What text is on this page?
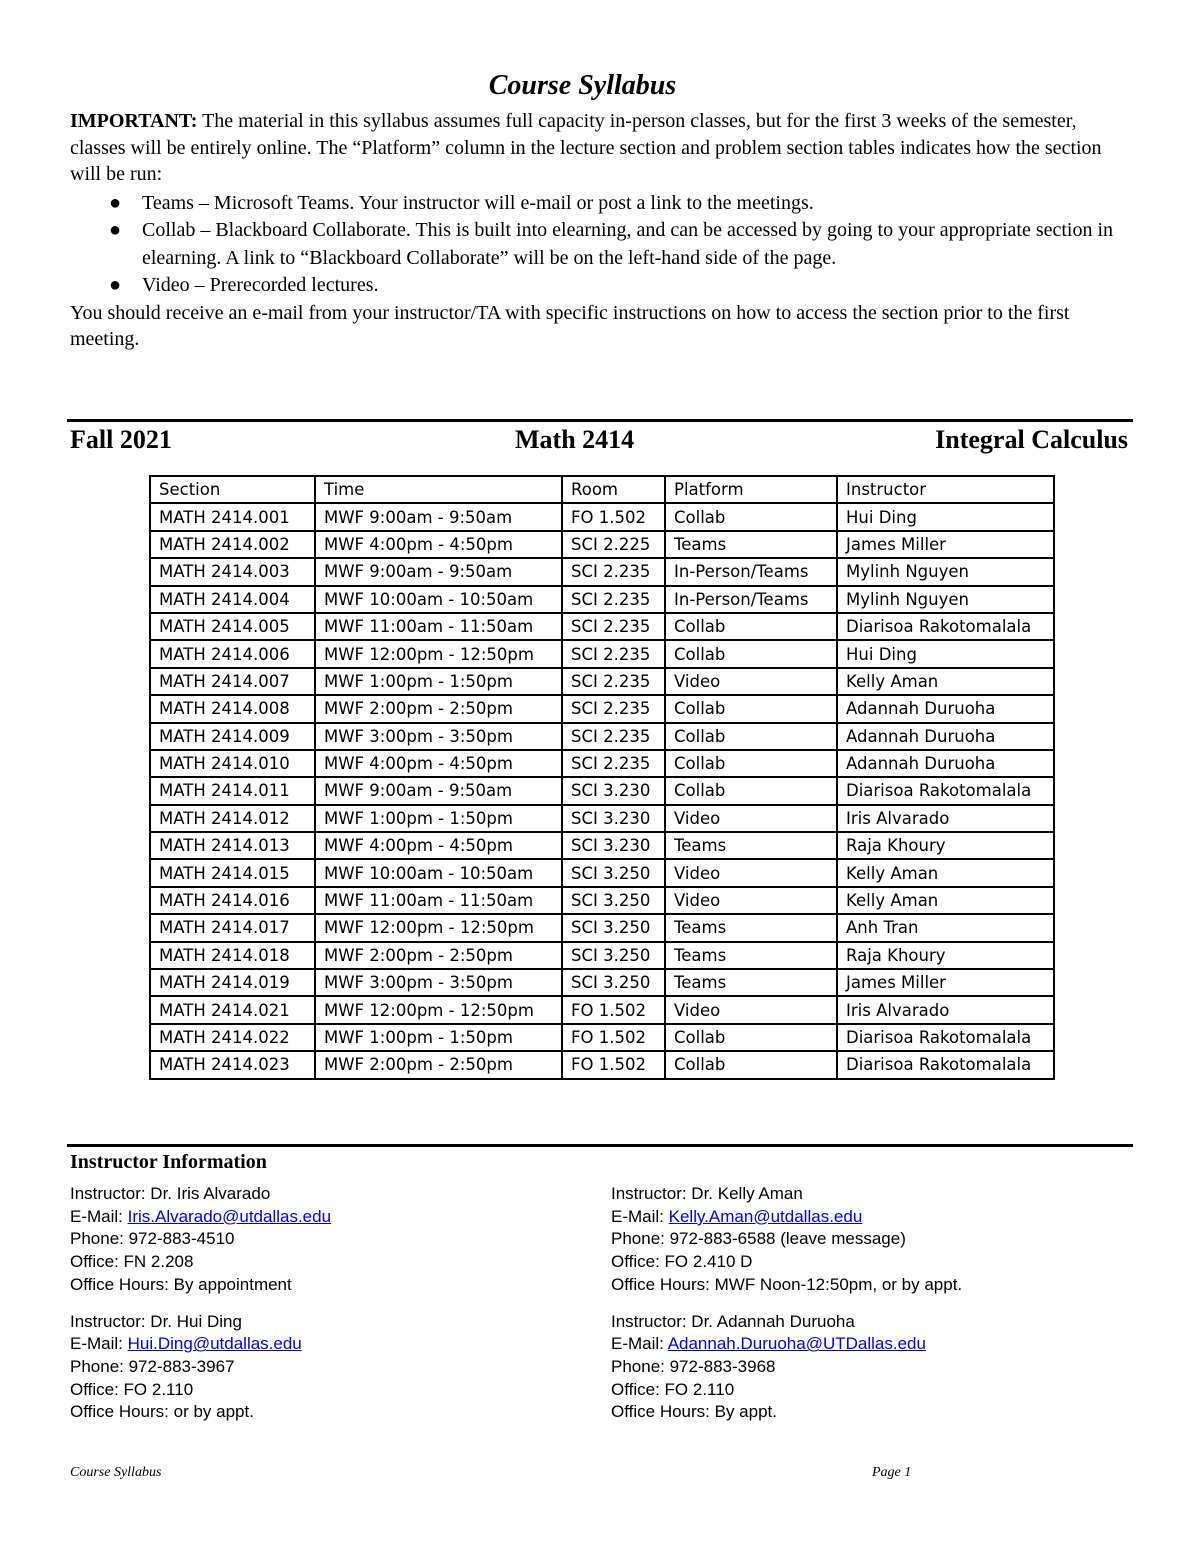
Course Syllabus

IMPORTANT: The material in this syllabus assumes full capacity in-person classes, but for the first 3 weeks of the semester, classes will be entirely online. The “Platform” column in the lecture section and problem section tables indicates how the section will be run:

● Teams – Microsoft Teams. Your instructor will e-mail or post a link to the meetings.
● Collab – Blackboard Collaborate. This is built into elearning, and can be accessed by going to your appropriate section in elearning. A link to “Blackboard Collaborate” will be on the left-hand side of the page.
● Video – Prerecorded lectures.

You should receive an e-mail from your instructor/TA with specific instructions on how to access the section prior to the first meeting.

Fall 2021	Math 2414	Integral Calculus
Section	Time	Room	Platform	Instructor
MATH 2414.001	MWF 9:00am - 9:50am	FO 1.502	Collab	Hui Ding
MATH 2414.002	MWF 4:00pm - 4:50pm	SCI 2.225	Teams	James Miller
MATH 2414.003	MWF 9:00am - 9:50am	SCI 2.235	In-Person/Teams	Mylinh Nguyen
MATH 2414.004	MWF 10:00am - 10:50am	SCI 2.235	In-Person/Teams	Mylinh Nguyen
MATH 2414.005	MWF 11:00am - 11:50am	SCI 2.235	Collab	Diarisoa Rakotomalala
MATH 2414.006	MWF 12:00pm - 12:50pm	SCI 2.235	Collab	Hui Ding
MATH 2414.007	MWF 1:00pm - 1:50pm	SCI 2.235	Video	Kelly Aman
MATH 2414.008	MWF 2:00pm - 2:50pm	SCI 2.235	Collab	Adannah Duruoha
MATH 2414.009	MWF 3:00pm - 3:50pm	SCI 2.235	Collab	Adannah Duruoha
MATH 2414.010	MWF 4:00pm - 4:50pm	SCI 2.235	Collab	Adannah Duruoha
MATH 2414.011	MWF 9:00am - 9:50am	SCI 3.230	Collab	Diarisoa Rakotomalala
MATH 2414.012	MWF 1:00pm - 1:50pm	SCI 3.230	Video	Iris Alvarado
MATH 2414.013	MWF 4:00pm - 4:50pm	SCI 3.230	Teams	Raja Khoury
MATH 2414.015	MWF 10:00am - 10:50am	SCI 3.250	Video	Kelly Aman
MATH 2414.016	MWF 11:00am - 11:50am	SCI 3.250	Video	Kelly Aman
MATH 2414.017	MWF 12:00pm - 12:50pm	SCI 3.250	Teams	Anh Tran
MATH 2414.018	MWF 2:00pm - 2:50pm	SCI 3.250	Teams	Raja Khoury
MATH 2414.019	MWF 3:00pm - 3:50pm	SCI 3.250	Teams	James Miller
MATH 2414.021	MWF 12:00pm - 12:50pm	FO 1.502	Video	Iris Alvarado
MATH 2414.022	MWF 1:00pm - 1:50pm	FO 1.502	Collab	Diarisoa Rakotomalala
MATH 2414.023	MWF 2:00pm - 2:50pm	FO 1.502	Collab	Diarisoa Rakotomalala
Instructor Information
Instructor: Dr. Iris Alvarado
E-Mail: Iris.Alvarado@utdallas.edu
Phone: 972-883-4510
Office: FN 2.208
Office Hours: By appointment
Instructor: Dr. Hui Ding
E-Mail: Hui.Ding@utdallas.edu
Phone: 972-883-3967
Office: FO 2.110
Office Hours: or by appt.
Instructor: Dr. Kelly Aman
E-Mail: Kelly.Aman@utdallas.edu
Phone: 972-883-6588 (leave message)
Office: FO 2.410 D
Office Hours: MWF Noon-12:50pm, or by appt.
Instructor: Dr. Adannah Duruoha
E-Mail: Adannah.Duruoha@UTDallas.edu
Phone: 972-883-3968
Office: FO 2.110
Office Hours: By appt.
Course Syllabus	Page 1
